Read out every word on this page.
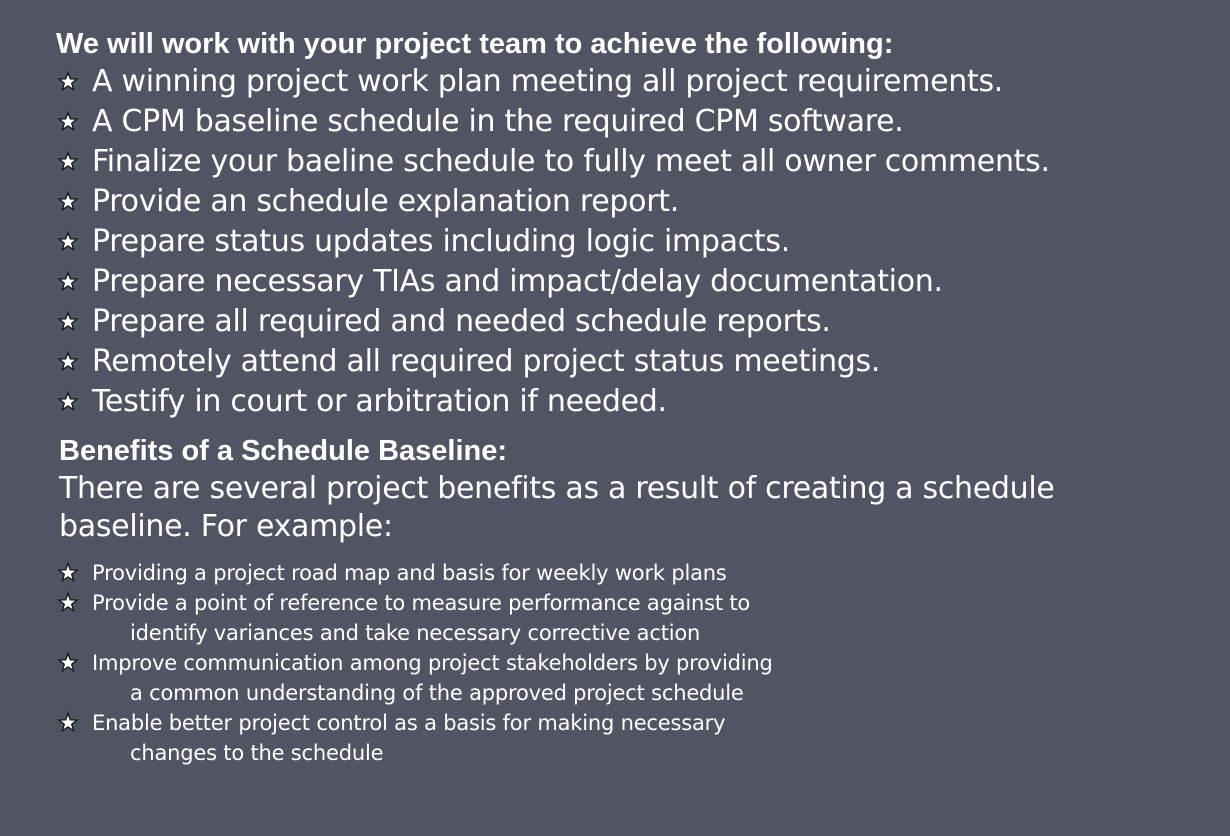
We will work with your project team to achieve the following:
A winning project work plan meeting all project requirements.
A CPM baseline schedule in the required CPM software.
Finalize your baeline schedule to fully meet all owner comments.
Provide an schedule explanation report.
Prepare status updates including logic impacts.
Prepare necessary TIAs and impact/delay documentation.
Prepare all required and needed schedule reports.
Remotely attend all required project status meetings.
Testify in court or arbitration if needed.
Benefits of a Schedule Baseline:

There are several project benefits as a result of creating a schedule baseline. For example:

Providing a project road map and basis for weekly work plans
Provide a point of reference to measure performance against to
identify variances and take necessary corrective action
Improve communication among project stakeholders by providing
a common understanding of the approved project schedule
Enable better project control as a basis for making necessary
changes to the schedule
